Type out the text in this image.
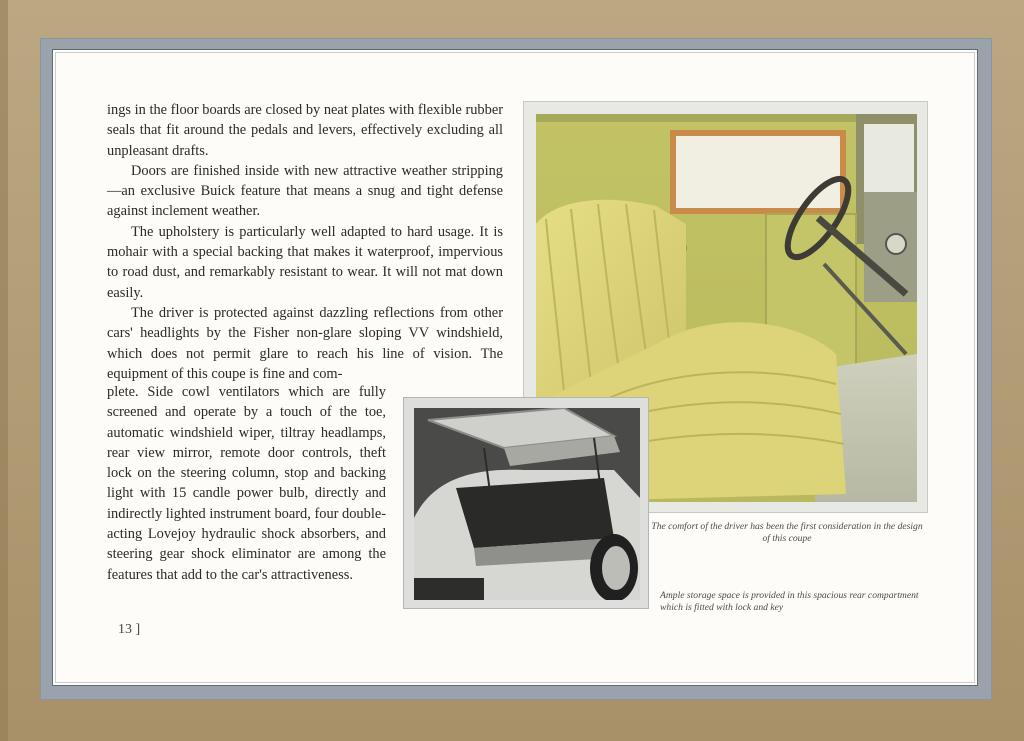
ings in the floor boards are closed by neat plates with flexible rubber seals that fit around the pedals and levers, effectively excluding all unpleasant drafts.

Doors are finished inside with new attractive weather stripping—an exclusive Buick feature that means a snug and tight defense against inclement weather.

The upholstery is particularly well adapted to hard usage. It is mohair with a special backing that makes it waterproof, impervious to road dust, and remarkably resistant to wear. It will not mat down easily.

The driver is protected against dazzling reflections from other cars' headlights by the Fisher non-glare sloping VV windshield, which does not permit glare to reach his line of vision. The equipment of this coupe is fine and com-

plete. Side cowl ventilators which are fully screened and operate by a touch of the toe, automatic windshield wiper, tiltray headlamps, rear view mirror, remote door controls, theft lock on the steering column, stop and backing light with 15 candle power bulb, directly and indirectly lighted instrument board, four double-acting Lovejoy hydraulic shock absorbers, and steering gear shock eliminator are among the features that add to the car's attractiveness.

13 ]
The comfort of the driver has been the first consideration in the design of this coupe
Ample storage space is provided in this spacious rear compartment which is fitted with lock and key
